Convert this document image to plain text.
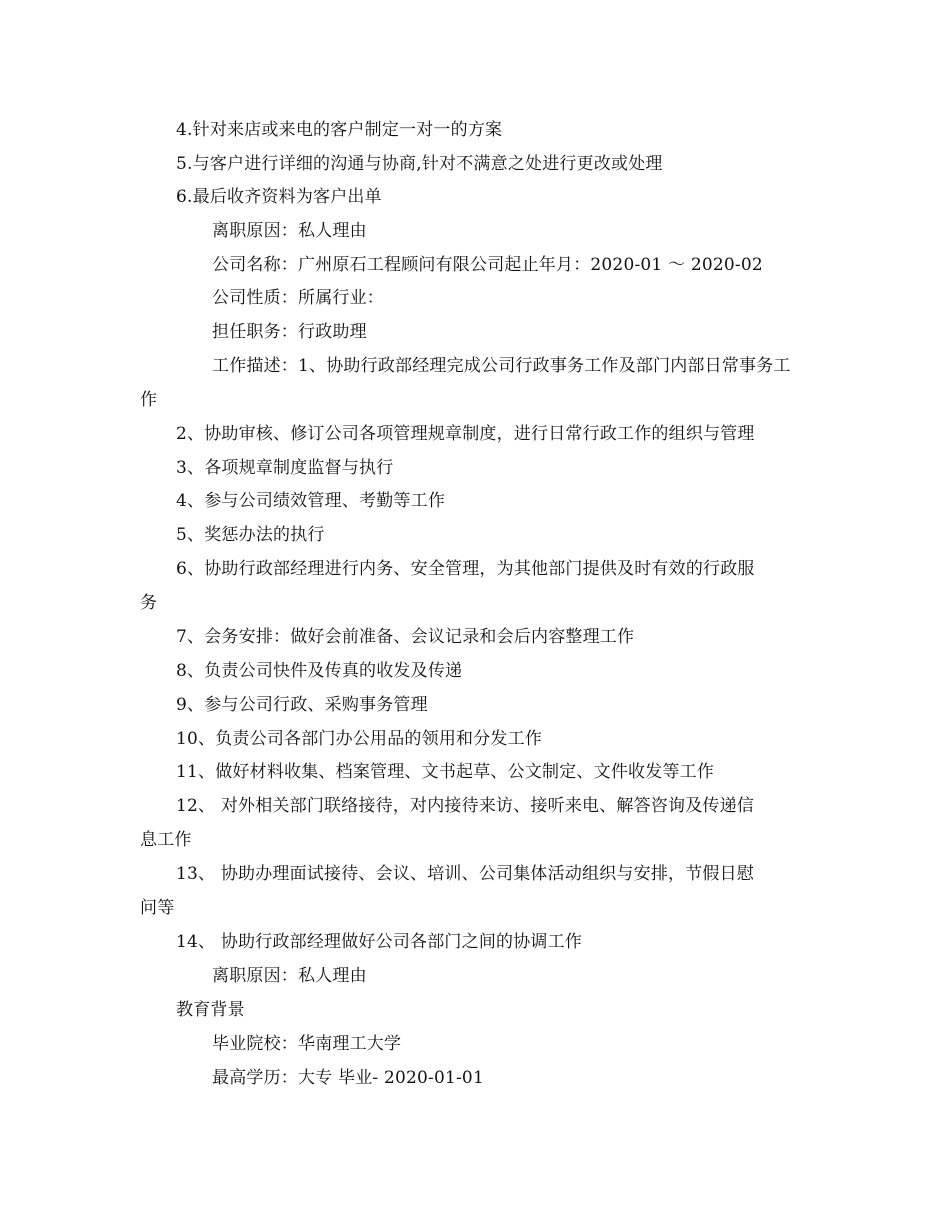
4.针对来店或来电的客户制定一对一的方案
5.与客户进行详细的沟通与协商,针对不满意之处进行更改或处理
6.最后收齐资料为客户出单
离职原因：私人理由
公司名称：广州原石工程顾问有限公司起止年月：2020-01 ～ 2020-02
公司性质：所属行业：
担任职务：行政助理
工作描述：1、协助行政部经理完成公司行政事务工作及部门内部日常事务工
作
2、协助审核、修订公司各项管理规章制度，进行日常行政工作的组织与管理
3、各项规章制度监督与执行
4、参与公司绩效管理、考勤等工作
5、奖惩办法的执行
6、协助行政部经理进行内务、安全管理，为其他部门提供及时有效的行政服
务
7、会务安排：做好会前准备、会议记录和会后内容整理工作
8、负责公司快件及传真的收发及传递
9、参与公司行政、采购事务管理
10、负责公司各部门办公用品的领用和分发工作
11、做好材料收集、档案管理、文书起草、公文制定、文件收发等工作
12、 对外相关部门联络接待，对内接待来访、接听来电、解答咨询及传递信
息工作
13、 协助办理面试接待、会议、培训、公司集体活动组织与安排，节假日慰
问等
14、 协助行政部经理做好公司各部门之间的协调工作
离职原因：私人理由
教育背景
毕业院校：华南理工大学
最高学历：大专 毕业- 2020-01-01
